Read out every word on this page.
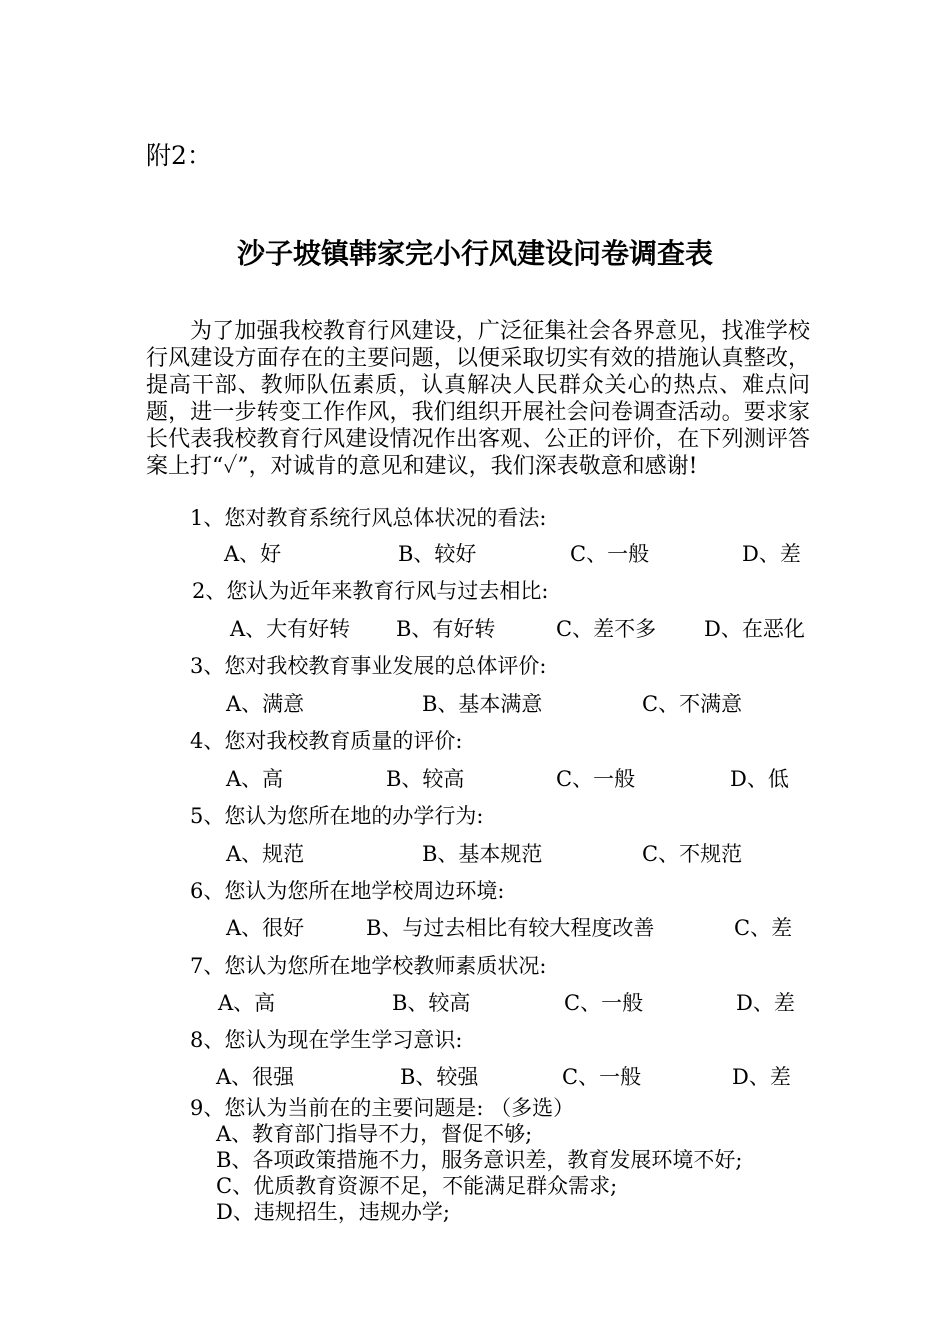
附2：
沙子坡镇韩家完小行风建设问卷调查表

为了加强我校教育行风建设，广泛征集社会各界意见，找准学校行风建设方面存在的主要问题，以便采取切实有效的措施认真整改，提高干部、教师队伍素质，认真解决人民群众关心的热点、难点问题，进一步转变工作作风，我们组织开展社会问卷调查活动。要求家长代表我校教育行风建设情况作出客观、公正的评价，在下列测评答案上打“✓”，对诚肯的意见和建议，我们深表敬意和感谢!

1、您对教育系统行风总体状况的看法:
A、好	B、较好	C、一般	D、差
2、您认为近年来教育行风与过去相比:
A、大有好转 B、有好转	C、差不多 D、在恶化
3、您对我校教育事业发展的总体评价:
A、满意	B、基本满意	C、不满意
4、您对我校教育质量的评价:
A、高	B、较高	C、一般	D、低
5、您认为您所在地的办学行为:
A、规范	B、基本规范	C、不规范
6、您认为您所在地学校周边环境:
A、很好	B、与过去相比有较大程度改善	C、差
7、您认为您所在地学校教师素质状况:
A、高	B、较高	C、一般	D、差
8、您认为现在学生学习意识:
A、很强	B、较强	C、一般	D、差
9、您认为当前在的主要问题是: （多选）
A、教育部门指导不力，督促不够;
B、各项政策措施不力，服务意识差，教育发展环境不好;
C、优质教育资源不足，不能满足群众需求;
D、违规招生，违规办学;
